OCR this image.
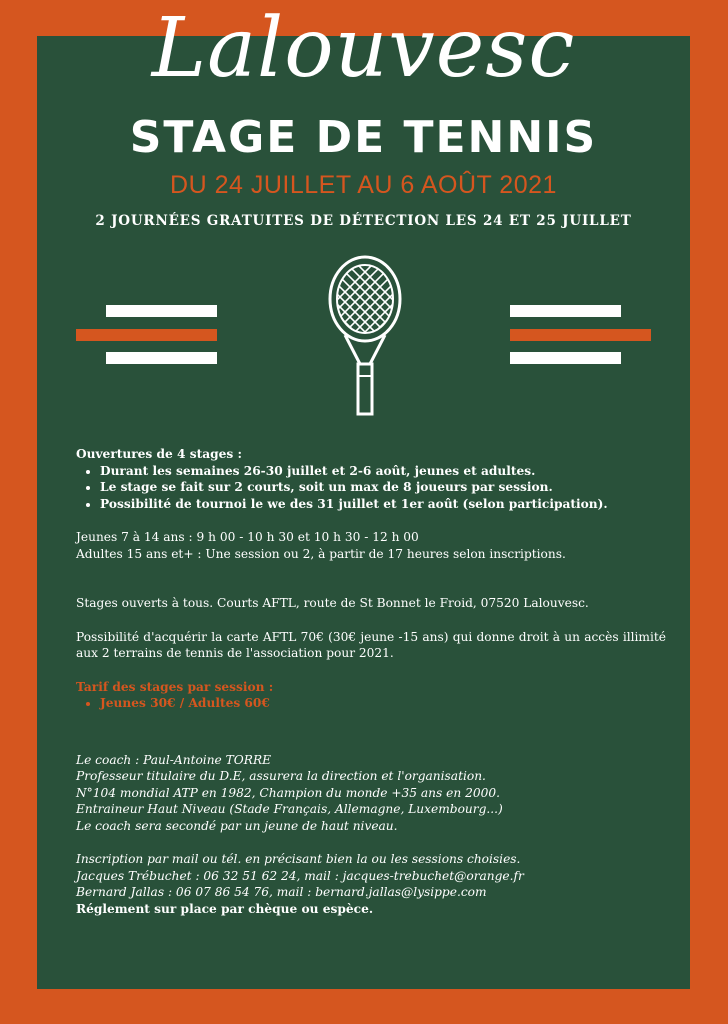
Lalouvesc
STAGE DE TENNIS
DU 24 JUILLET AU 6 AOÛT 2021
2 JOURNÉES GRATUITES DE DÉTECTION LES 24 ET 25 JUILLET

Ouvertures de 4 stages :

• Durant les semaines 26-30 juillet et 2-6 août, jeunes et adultes.
• Le stage se fait sur 2 courts, soit un max de 8 joueurs par session.
• Possibilité de tournoi le we des 31 juillet et 1er août (selon participation).

Jeunes 7 à 14 ans : 9 h 00 - 10 h 30 et 10 h 30 - 12 h 00

Adultes 15 ans et+ : Une session ou 2, à partir de 17 heures selon inscriptions.

Stages ouverts à tous. Courts AFTL, route de St Bonnet le Froid, 07520 Lalouvesc.

Possibilité d'acquérir la carte AFTL 70€ (30€ jeune -15 ans) qui donne droit à un accès illimité aux 2 terrains de tennis de l'association pour 2021.

Tarif des stages par session :

• Jeunes 30€ / Adultes 60€

Le coach : Paul-Antoine TORRE

Professeur titulaire du D.E, assurera la direction et l'organisation.

N°104 mondial ATP en 1982, Champion du monde +35 ans en 2000.

Entraineur Haut Niveau (Stade Français, Allemagne, Luxembourg...)

Le coach sera secondé par un jeune de haut niveau.

Inscription par mail ou tél. en précisant bien la ou les sessions choisies.

Jacques Trébuchet : 06 32 51 62 24, mail : jacques-trebuchet@orange.fr

Bernard Jallas : 06 07 86 54 76, mail : bernard.jallas@lysippe.com

Réglement sur place par chèque ou espèce.
